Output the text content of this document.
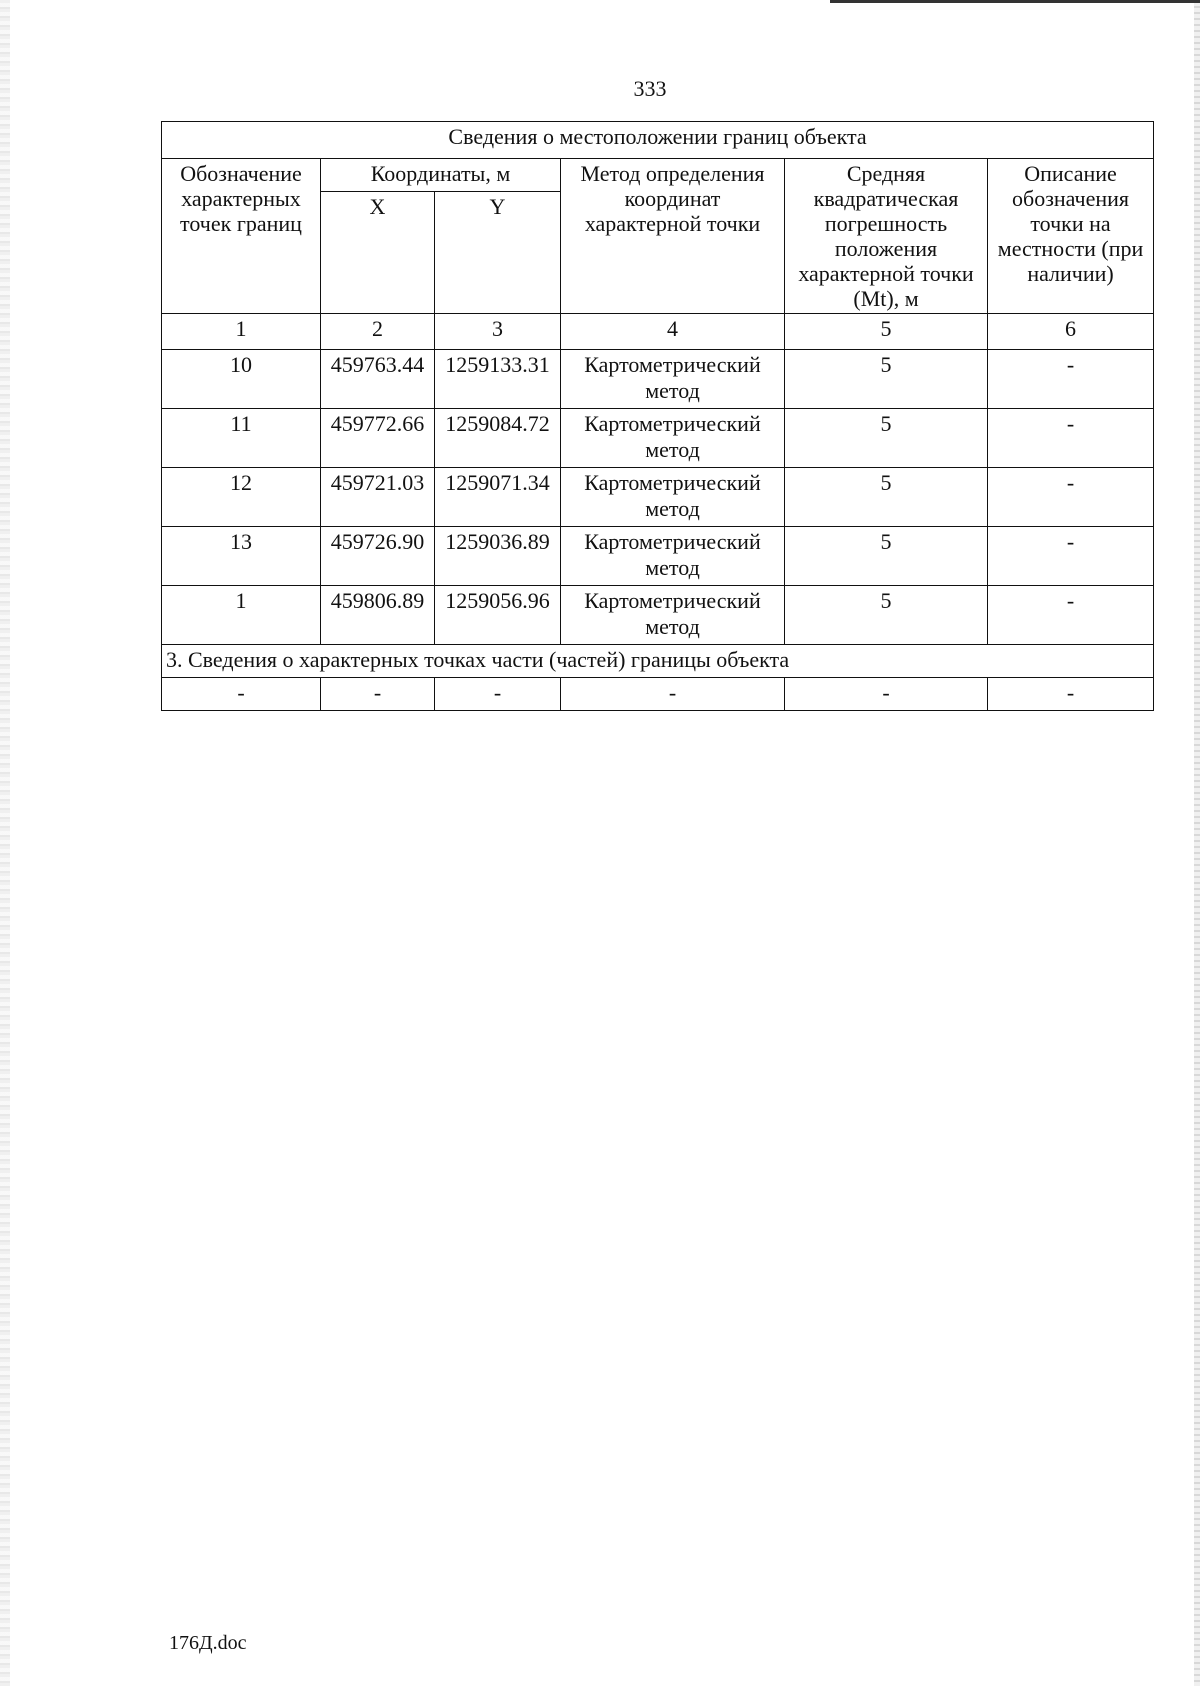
333
Сведения о местоположении границ объекта					
Обозначение характерных точек границ	Координаты, м		Метод определения координат характерной точки	Средняя квадратическая погрешность положения характерной точки (Mt), м	Описание обозначения точки на местности (при наличии)
	X	Y			
1	2	3	4	5	6
10	459763.44	1259133.31	Картометрический метод	5	-
11	459772.66	1259084.72	Картометрический метод	5	-
12	459721.03	1259071.34	Картометрический метод	5	-
13	459726.90	1259036.89	Картометрический метод	5	-
1	459806.89	1259056.96	Картометрический метод	5	-
3. Сведения о характерных точках части (частей) границы объекта					
-	-	-	-	-	-
176Д.doc
